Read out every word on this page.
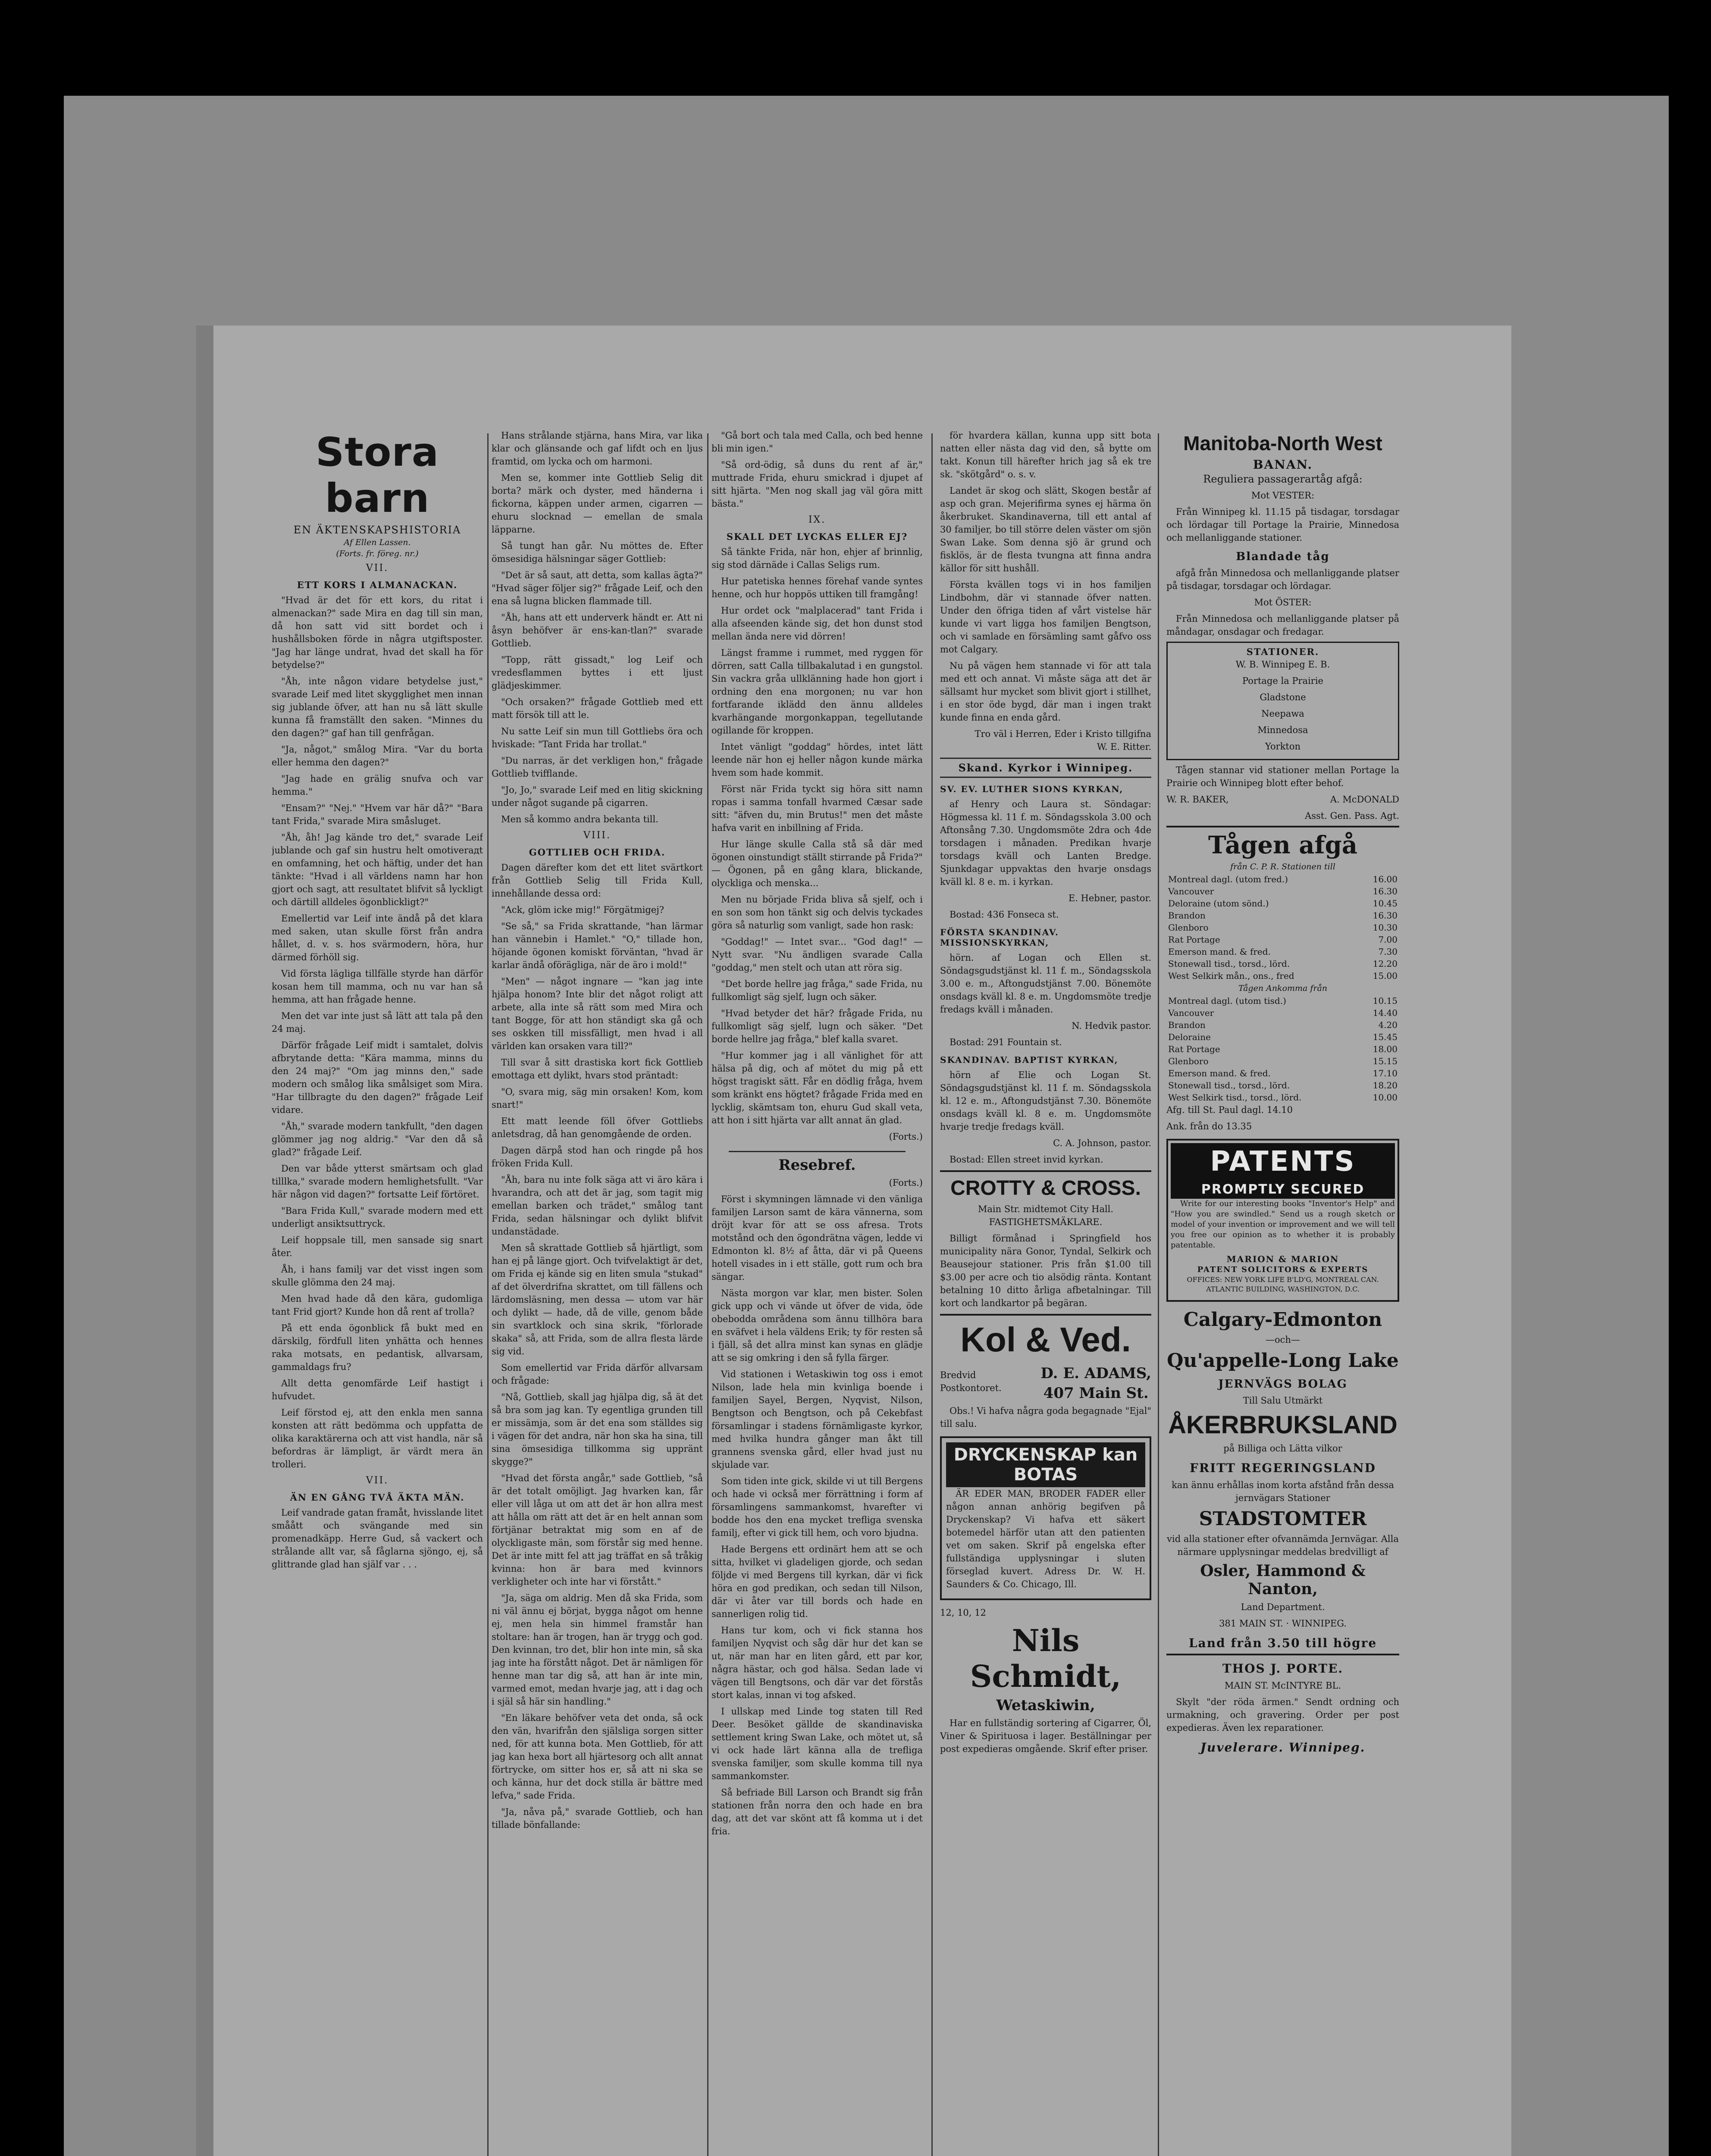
Stora barn
EN ÄKTENSKAPSHISTORIA
Af Ellen Lassen.
(Forts. fr. föreg. nr.)
VII.
ETT KORS I ALMANACKAN.

"Hvad är det för ett kors, du ritat i almenackan?" sade Mira en dag till sin man, då hon satt vid sitt bordet och i hushållsboken förde in några utgiftsposter. "Jag har länge undrat, hvad det skall ha för betydelse?"

"Åh, inte någon vidare betydelse just," svarade Leif med litet skygglighet men innan sig jublande öfver, att han nu så lätt skulle kunna få framställt den saken. "Minnes du den dagen?" gaf han till genfrågan.

"Ja, något," smålog Mira. "Var du borta eller hemma den dagen?"

"Jag hade en grälig snufva och var hemma."

"Ensam?" "Nej." "Hvem var här då?" "Bara tant Frida," svarade Mira småsluget.

"Åh, åh! Jag kände tro det," svarade Leif jublande och gaf sin hustru helt omotiverадt en omfamning, het och häftig, under det han tänkte: "Hvad i all världens namn har hon gjort och sagt, att resultatet blifvit så lyckligt och därtill alldeles ögonblickligt?"

Emellertid var Leif inte ändå på det klara med saken, utan skulle först från andra hållet, d. v. s. hos svärmodern, höra, hur därmed förhöll sig.

Vid första lägliga tillfälle styrde han därför kosan hem till mamma, och nu var han så hemma, att han frågade henne.

Men det var inte just så lätt att tala på den 24 maj.

Därför frågade Leif midt i samtalet, dolvis afbrytande detta: "Kära mamma, minns du den 24 maj?" "Om jag minns den," sade modern och smålog lika smålsiget som Mira. "Har tillbragte du den dagen?" frågade Leif vidare.

"Åh," svarade modern tankfullt, "den dagen glömmer jag nog aldrig." "Var den då så glad?" frågade Leif.

Den var både ytterst smärtsam och glad tilllka," svarade modern hemlighetsfullt. "Var här någon vid dagen?" fortsatte Leif förtöret.

"Bara Frida Kull," svarade modern med ett underligt ansiktsuttryck.

Leif hoppsale till, men sansade sig snart åter.

Åh, i hans familj var det visst ingen som skulle glömma den 24 maj.

Men hvad hade då den kära, gudomliga tant Frid gjort? Kunde hon då rent af trolla?

På ett enda ögonblick få bukt med en därskilg, fördfull liten ynhätta och hennes raka motsats, en pedantisk, allvarsam, gammaldags fru?

Allt detta genomfärde Leif hastigt i hufvudet.

Leif förstod ej, att den enkla men sanna konsten att rätt bedömma och uppfatta de olika karaktärerna och att vist handla, när så befordras är lämpligt, är värdt mera än trolleri.

VII.
ÄN EN GÅNG TVÅ ÄKTA MÄN.

Leif vandrade gatan framåt, hvisslande litet småått och svängande med sin promenadkäpp. Herre Gud, så vackert och strålande allt var, så fåglarna sjöngo, ej, så glittrande glad han själf var . . .

Hans strålande stjärna, hans Mira, var lika klar och glänsande och gaf lifdt och en ljus framtid, om lycka och om harmoni.

Men se, kommer inte Gottlieb Selig dit borta? märk och dyster, med händerna i fickorna, käppen under armen, cigarren — ehuru slocknad — emellan de smala läpparne.

Så tungt han går. Nu möttes de. Efter ömsesidiga hälsningar säger Gottlieb:

"Det är så saut, att detta, som kallas ägta?" "Hvad säger följer sig?" frågade Leif, och den ena så lugna blicken flammade till.

"Åh, hans att ett underverk händt er. Att ni åsyn behöfver är ens-kan-tlan?" svarade Gottlieb.

"Topp, rätt gissadt," log Leif och vredesflammen byttes i ett ljust glädjeskimmer.

"Och orsaken?" frågade Gottlieb med ett matt försök till att le.

Nu satte Leif sin mun till Gottliebs öra och hviskade: "Tant Frida har trollat."

"Du narras, är det verkligen hon," frågade Gottlieb tvifflande.

"Jo, Jo," svarade Leif med en litig skickning under något sugande på cigarren.

Men så kommo andra bekanta till.

VIII.
GOTTLIEB OCH FRIDA.

Dagen därefter kom det ett litet svärtkort från Gottlieb Selig till Frida Kull, innehållande dessa ord:

"Ack, glöm icke mig!" Förgätmigej?

"Se så," sa Frida skrattande, "han lärmar han vännebin i Hamlet." "O," tillade hon, höjande ögonen komiskt förväntan, "hvad är karlar ändå oförägliga, när de äro i mold!"

"Men" — något ingnare — "kan jag inte hjälpa honom? Inte blir det något roligt att arbete, alla inte så rätt som med Mira och tant Bogge, för att hon ständigt ska gå och ses oskken till missfälligt, men hvad i all världen kan orsaken vara till?"

Till svar å sitt drastiska kort fick Gottlieb emottaga ett dylikt, hvars stod präntadt:

"O, svara mig, säg min orsaken! Kom, kom snart!"

Ett matt leende föll öfver Gottliebs anletsdrag, då han genomgående de orden.

Dagen därpå stod han och ringde på hos fröken Frida Kull.

"Åh, bara nu inte folk säga att vi äro kära i hvarandra, och att det är jag, som tagit mig emellan barken och trädet," smålog tant Frida, sedan hälsningar och dylikt blifvit undanstädade.

Men så skrattade Gottlieb så hjärtligt, som han ej på länge gjort. Och tvifvelaktigt är det, om Frida ej kände sig en liten smula "stukad" af det ölverdrifna skrattet, om till fällens och lärdomsläsning, men dessa — utom var här och dylikt — hade, då de ville, genom både sin svartklock och sina skrik, "förlorade skaka" så, att Frida, som de allra flesta lärde sig vid.

Som emellertid var Frida därför allvarsam och frågade:

"Nå, Gottlieb, skall jag hjälpa dig, så ät det så bra som jag kan. Ty egentliga grunden till er missämja, som är det ena som ställdes sig i vägen för det andra, när hon ska ha sina, till sina ömsesidiga tillkomma sig uppränt skygge?"

"Hvad det första angår," sade Gottlieb, "så är det totalt omöjligt. Jag hvarken kan, får eller vill låga ut om att det är hon allra mest att hålla om rätt att det är en helt annan som förtjänar betraktat mig som en af de olyckligaste män, som förstår sig med henne. Det är inte mitt fel att jag träffat en så tråkig kvinna: hon är bara med kvinnors verkligheter och inte har vi förstått."

"Ja, säga om aldrig. Men då ska Frida, som ni väl ännu ej börjat, bygga något om henne ej, men hela sin himmel framstår han stoltare: han är trogen, han är trygg och god. Den kvinnan, tro det, blir hon inte min, så ska jag inte ha förstått något. Det är nämligen för henne man tar dig så, att han är inte min, varmed emot, medan hvarje jag, att i dag och i själ så här sin handling."

"En läkare behöfver veta det onda, så ock den vän, hvarifrån den själsliga sorgen sitter ned, för att kunna bota. Men Gottlieb, för att jag kan hexa bort all hjärtesorg och allt annat förtrycke, om sitter hos er, så att ni ska se och känna, hur det dock stilla är bättre med lefva," sade Frida.

"Ja, nåva på," svarade Gottlieb, och han tillade bönfallande:

"Gå bort och tala med Calla, och bed henne bli min igen."

"Så ord-ödig, så duns du rent af är," muttrade Frida, ehuru smickrad i djupet af sitt hjärta. "Men nog skall jag väl göra mitt bästa."

IX.
SKALL DET LYCKAS ELLER EJ?

Så tänkte Frida, när hon, ehjer af brinnlig, sig stod därnäde i Callas Seligs rum.

Hur patetiska hennes förehaf vande syntes henne, och hur hoppös uttiken till framgång!

Hur ordet ock "malplacerad" tant Frida i alla afseenden kände sig, det hon dunst stod mellan ända nere vid dörren!

Längst framme i rummet, med ryggen för dörren, satt Calla tillbakalutad i en gungstol. Sin vackra gråa ullklänning hade hon gjort i ordning den ena morgonen; nu var hon fortfarande iklädd den ännu alldeles kvarhängande morgonkappan, tegellutande ogillande för kroppen.

Intet vänligt "goddag" hördes, intet lätt leende när hon ej heller någon kunde märka hvem som hade kommit.

Först när Frida tyckt sig höra sitt namn ropas i samma tonfall hvarmed Cæsar sade sitt: "äfven du, min Brutus!" men det måste hafva varit en inbillning af Frida.

Hur länge skulle Calla stå så där med ögonen oinstundigt ställt stirrande på Frida?" — Ögonen, på en gång klara, blickande, olyckliga och menska...

Men nu började Frida bliva så sjelf, och i en son som hon tänkt sig och delvis tyckades göra så naturlig som vanligt, sade hon rask:

"Goddag!" — Intet svar... "God dag!" — Nytt svar. "Nu ändligen svarade Calla "goddag," men stelt och utan att röra sig.

"Det borde hellre jag fråga," sade Frida, nu fullkomligt säg sjelf, lugn och säker.

"Hvad betyder det här? frågade Frida, nu fullkomligt säg sjelf, lugn och säker. "Det borde hellre jag fråga," blef kalla svaret.

"Hur kommer jag i all vänlighet för att hälsa på dig, och af mötet du mig på ett högst tragiskt sätt. Får en dödlig fråga, hvem som kränkt ens högtet? frågade Frida med en lycklig, skämtsam ton, ehuru Gud skall veta, att hon i sitt hjärta var allt annat än glad.

(Forts.)
Resebref.
(Forts.)

Först i skymningen lämnade vi den vänliga familjen Larson samt de kära vännerna, som dröjt kvar för att se oss afresa. Trots motstånd och den ögondrätna vägen, ledde vi Edmonton kl. 8½ af åtta, där vi på Queens hotell visades in i ett ställe, gott rum och bra sängar.

Nästa morgon var klar, men bister. Solen gick upp och vi vände ut öfver de vida, öde obebodda områdena som ännu tillhöra bara en sväfvet i hela väldens Erik; ty för resten så i fjäll, så det allra minst kan synas en glädje att se sig omkring i den så fylla färger.

Vid stationen i Wetaskiwin tog oss i emot Nilson, lade hela min kvinliga boende i familjen Sayel, Bergen, Nyqvist, Nilson, Bengtson och Bengtson, och på Cekebfast församlingar i stadens förnämligaste kyrkor, med hvilka hundra gånger man åkt till grannens svenska gård, eller hvad just nu skjulade var.

Som tiden inte gick, skilde vi ut till Bergens och hade vi också mer förrättning i form af församlingens sammankomst, hvarefter vi bodde hos den ena mycket trefliga svenska familj, efter vi gick till hem, och voro bjudna.

Hade Bergens ett ordinärt hem att se och sitta, hvilket vi gladeligen gjorde, och sedan följde vi med Bergens till kyrkan, där vi fick höra en god predikan, och sedan till Nilson, där vi åter var till bords och hade en sannerligen rolig tid.

Hans tur kom, och vi fick stanna hos familjen Nyqvist och såg där hur det kan se ut, när man har en liten gård, ett par kor, några hästar, och god hälsa. Sedan lade vi vägen till Bengtsons, och där var det förstås stort kalas, innan vi tog afsked.

I ullskap med Linde tog staten till Red Deer. Besöket gällde de skandinaviska settlement kring Swan Lake, och mötet ut, så vi ock hade lärt känna alla de trefliga svenska familjer, som skulle komma till nya sammankomster.

Så befriade Bill Larson och Brandt sig från stationen från norra den och hade en bra dag, att det var skönt att få komma ut i det fria.

för hvardera källan, kunna upp sitt bota natten eller nästa dag vid den, så bytte om takt. Konun till härefter hrich jag så ek tre sk. "skötgård" o. s. v.

Landet är skog och slätt, Skogen består af asp och gran. Mejerifirma synes ej härma ön åkerbruket. Skandinaverna, till ett antal af 30 familjer, bo till större delen väster om sjön Swan Lake. Som denna sjö är grund och fisklös, är de flesta tvungna att finna andra källor för sitt hushåll.

Första kvällen togs vi in hos familjen Lindbohm, där vi stannade öfver natten. Under den öfriga tiden af vårt vistelse här kunde vi vart ligga hos familjen Bengtson, och vi samlade en försämling samt gåfvo oss mot Calgary.

Nu på vägen hem stannade vi för att tala med ett och annat. Vi måste säga att det är sällsamt hur mycket som blivit gjort i stillhet, i en stor öde bygd, där man i ingen trakt kunde finna en enda gård.

Tro väl i Herren, Eder i Kristo tillgifna
W. E. Ritter.

Skand. Kyrkor i Winnipeg.
SV. EV. LUTHER SIONS KYRKAN,

af Henry och Laura st. Söndagar: Högmessa kl. 11 f. m. Söndagsskola 3.00 och Aftonsång 7.30. Ungdomsmöte 2dra och 4de torsdagen i månaden. Predikan hvarje torsdags kväll och Lanten Bredge. Sjunkdagar uppvaktas den hvarje onsdags kväll kl. 8 e. m. i kyrkan.

E. Hebner, pastor.

Bostad: 436 Fonseca st.

FÖRSTA SKANDINAV. MISSIONSKYRKAN,

hörn. af Logan och Ellen st. Söndagsgudstjänst kl. 11 f. m., Söndagsskola 3.00 e. m., Aftongudstjänst 7.00. Bönemöte onsdags kväll kl. 8 e. m. Ungdomsmöte tredje fredags kväll i månaden.

N. Hedvik pastor.

Bostad: 291 Fountain st.

SKANDINAV. BAPTIST KYRKAN,

hörn af Elie och Logan St. Söndagsgudstjänst kl. 11 f. m. Söndagsskola kl. 12 e. m., Aftongudstjänst 7.30. Bönemöte onsdags kväll kl. 8 e. m. Ungdomsmöte hvarje tredje fredags kväll.

C. A. Johnson, pastor.

Bostad: Ellen street invid kyrkan.

CROTTY & CROSS.
Main Str. midtemot City Hall. FASTIGHETSMÄKLARE.

Billigt förmånad i Springfield hos municipality nära Gonor, Tyndal, Selkirk och Beausejour stationer. Pris från $1.00 till $3.00 per acre och tio alsödig ränta. Kontant betalning 10 ditto årliga afbetalningar. Till kort och landkartor på begäran.

Kol & Ved.
Bredvid Postkontoret.
D. E. ADAMS,
407 Main St.

Obs.! Vi hafva några goda begagnade "Ejal" till salu.

DRYCKENSKAP kan BOTAS

ÄR EDER MAN, BRODER FADER eller någon annan anhörig begifven på Dryckenskap? Vi hafva ett säkert botemedel härför utan att den patienten vet om saken. Skrif på engelska efter fullständiga upplysningar i sluten förseglad kuvert. Adress Dr. W. H. Saunders & Co. Chicago, Ill.

12, 10, 12
Nils Schmidt,
Wetaskiwin,

Har en fullständig sortering af Cigarrer, Öl, Viner & Spirituosa i lager. Beställningar per post expedieras omgående. Skrif efter priser.

Manitoba-North West
BANAN.
Reguliera passagerartåg afgå:
Mot VESTER:

Från Winnipeg kl. 11.15 på tisdagar, torsdagar och lördagar till Portage la Prairie, Minnedosa och mellanliggande stationer.

Blandade tåg

afgå från Minnedosa och mellanliggande platser på tisdagar, torsdagar och lördagar.

Mot ÖSTER:

Från Minnedosa och mellanliggande platser på måndagar, onsdagar och fredagar.

STATIONER.
W. B. Winnipeg E. B.
Portage la Prairie
Gladstone
Neepawa
Minnedosa
Yorkton

Tågen stannar vid stationer mellan Portage la Prairie och Winnipeg blott efter behof.

W. R. BAKER,	A. McDONALD
Asst. Gen. Pass. Agt.
Tågen afgå
från C. P. R. Stationen till
Montreal dagl. (utom fred.)	16.00
Vancouver	16.30
Deloraine (utom sönd.)	10.45
Brandon	16.30
Glenboro	10.30
Rat Portage	7.00
Emerson mand. & fred.	7.30
Stonewall tisd., torsd., lörd.	12.20
West Selkirk mån., ons., fred	15.00
Tågen Ankomma från
Montreal dagl. (utom tisd.)	10.15
Vancouver	14.40
Brandon	4.20
Deloraine	15.45
Rat Portage	18.00
Glenboro	15.15
Emerson mand. & fred.	17.10
Stonewall tisd., torsd., lörd.	18.20
West Selkirk tisd., torsd., lörd.	10.00
Afg. till St. Paul dagl. 14.10
Ank. från do 13.35
PATENTS
PROMPTLY SECURED

Write for our interesting books "Inventor's Help" and "How you are swindled." Send us a rough sketch or model of your invention or improvement and we will tell you free our opinion as to whether it is probably patentable.

MARION & MARION
PATENT SOLICITORS & EXPERTS
OFFICES: NEW YORK LIFE B'LD'G, MONTREAL CAN. ATLANTIC BUILDING, WASHINGTON, D.C.
Calgary-Edmonton
—och—
Qu'appelle-Long Lake
JERNVÄGS BOLAG
Till Salu Utmärkt
ÅKERBRUKSLAND
på Billiga och Lätta vilkor
FRITT REGERINGSLAND
kan ännu erhållas inom korta afstånd från dessa jernvägars Stationer
STADSTOMTER
vid alla stationer efter ofvannämda Jernvägar. Alla närmare upplysningar meddelas bredvilligt af
Osler, Hammond & Nanton,
Land Department.
381 MAIN ST. · WINNIPEG.
Land från 3.50 till högre
THOS J. PORTE.
MAIN ST. McINTYRE BL.

Skylt "der röda ärmen." Sendt ordning och urmakning, och gravering. Order per post expedieras. Även lex reparationer.

Juvelerare. Winnipeg.
